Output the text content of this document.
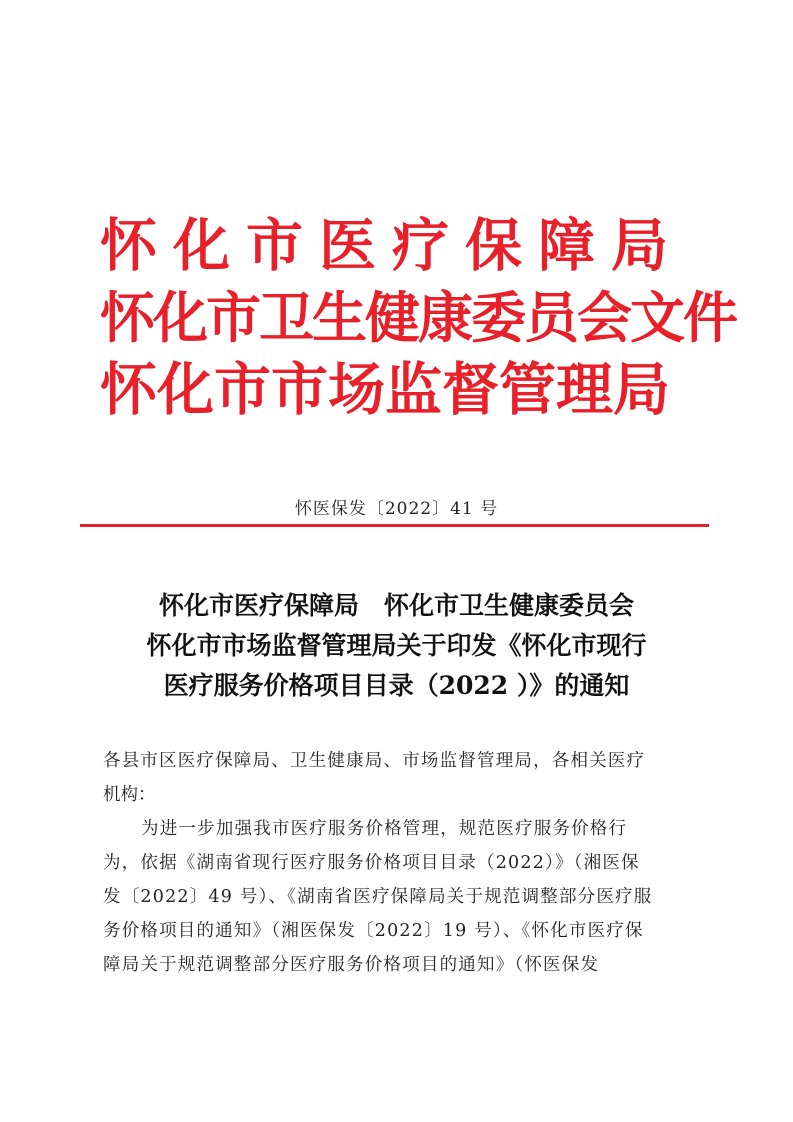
怀化市医疗保障局
怀化市卫生健康委员会文件
怀化市市场监督管理局
怀医保发〔2022〕41 号
怀化市医疗保障局　怀化市卫生健康委员会
怀化市市场监督管理局关于印发《怀化市现行
医疗服务价格项目目录（2022 ）》的通知
各县市区医疗保障局、卫生健康局、市场监督管理局，各相关医疗
机构：
为进一步加强我市医疗服务价格管理，规范医疗服务价格行
为，依据《湖南省现行医疗服务价格项目目录（2022）》（湘医保
发〔2022〕49 号）、《湖南省医疗保障局关于规范调整部分医疗服
务价格项目的通知》（湘医保发〔2022〕19 号）、《怀化市医疗保
障局关于规范调整部分医疗服务价格项目的通知》（怀医保发
